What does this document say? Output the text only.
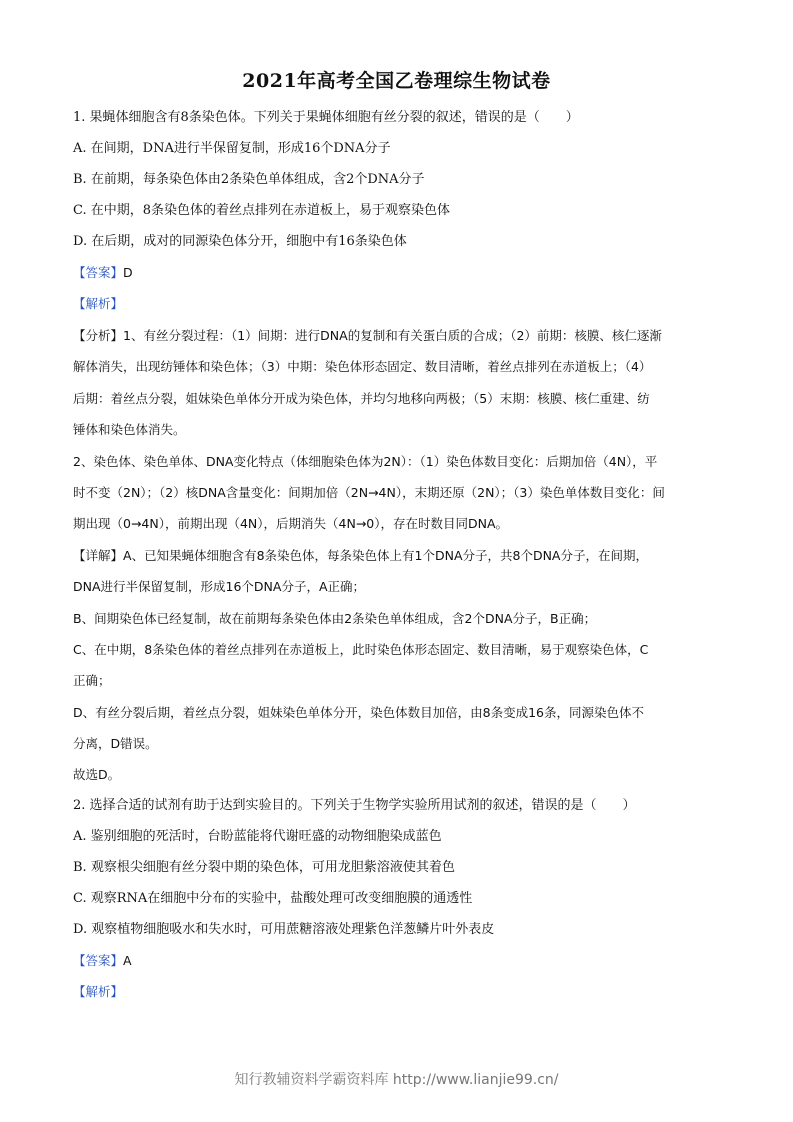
2021年高考全国乙卷理综生物试卷
1. 果蝇体细胞含有8条染色体。下列关于果蝇体细胞有丝分裂的叙述，错误的是（　　）
A. 在间期，DNA进行半保留复制，形成16个DNA分子
B. 在前期，每条染色体由2条染色单体组成，含2个DNA分子
C. 在中期，8条染色体的着丝点排列在赤道板上，易于观察染色体
D. 在后期，成对的同源染色体分开，细胞中有16条染色体
【答案】D
【解析】
【分析】1、有丝分裂过程：（1）间期：进行DNA的复制和有关蛋白质的合成；（2）前期：核膜、核仁逐渐
解体消失，出现纺锤体和染色体；（3）中期：染色体形态固定、数目清晰，着丝点排列在赤道板上；（4）
后期：着丝点分裂，姐妹染色单体分开成为染色体，并均匀地移向两极；（5）末期：核膜、核仁重建、纺
锤体和染色体消失。
2、染色体、染色单体、DNA变化特点（体细胞染色体为2N）：（1）染色体数目变化：后期加倍（4N），平
时不变（2N）；（2）核DNA含量变化：间期加倍（2N→4N），末期还原（2N）；（3）染色单体数目变化：间
期出现（0→4N），前期出现（4N），后期消失（4N→0），存在时数目同DNA。
【详解】A、已知果蝇体细胞含有8条染色体，每条染色体上有1个DNA分子，共8个DNA分子，在间期，
DNA进行半保留复制，形成16个DNA分子，A正确；
B、间期染色体已经复制，故在前期每条染色体由2条染色单体组成，含2个DNA分子，B正确；
C、在中期，8条染色体的着丝点排列在赤道板上，此时染色体形态固定、数目清晰，易于观察染色体，C
正确；
D、有丝分裂后期，着丝点分裂，姐妹染色单体分开，染色体数目加倍，由8条变成16条，同源染色体不
分离，D错误。
故选D。
2. 选择合适的试剂有助于达到实验目的。下列关于生物学实验所用试剂的叙述，错误的是（　　）
A. 鉴别细胞的死活时，台盼蓝能将代谢旺盛的动物细胞染成蓝色
B. 观察根尖细胞有丝分裂中期的染色体，可用龙胆紫溶液使其着色
C. 观察RNA在细胞中分布的实验中，盐酸处理可改变细胞膜的通透性
D. 观察植物细胞吸水和失水时，可用蔗糖溶液处理紫色洋葱鳞片叶外表皮
【答案】A
【解析】
知行教辅资料学霸资料库 http://www.lianjie99.cn/
